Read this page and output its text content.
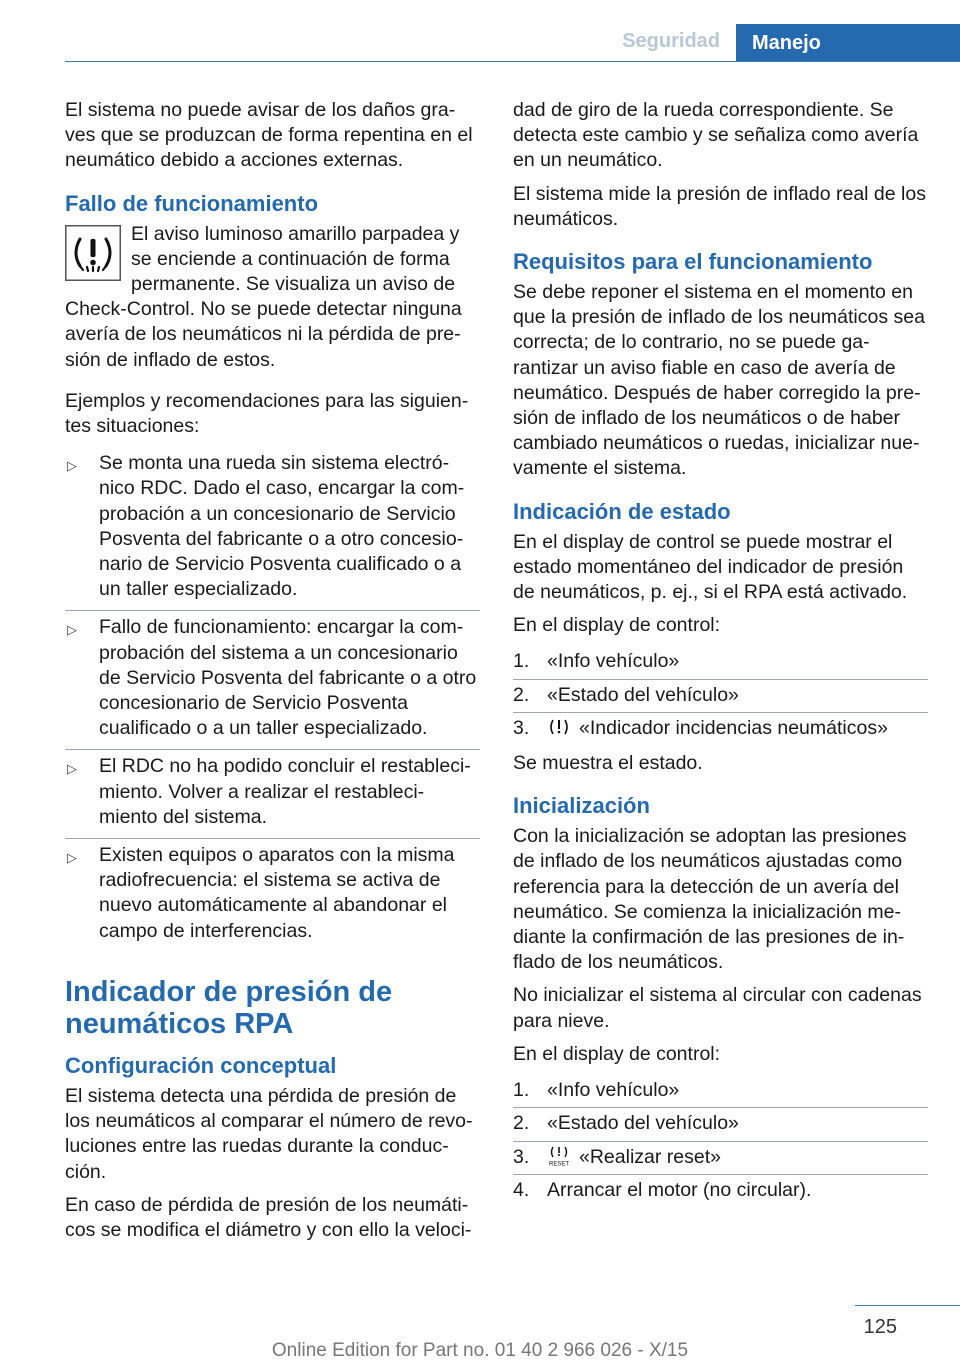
Seguridad	Manejo

El sistema no puede avisar de los daños gra- ves que se produzcan de forma repentina en el neumático debido a acciones externas.

Fallo de funcionamiento

El aviso luminoso amarillo parpadea y se enciende a continuación de forma permanente. Se visualiza un aviso de Check-Control. No se puede detectar ninguna avería de los neumáticos ni la pérdida de pre- sión de inflado de estos.

Ejemplos y recomendaciones para las siguien- tes situaciones:

▷ Se monta una rueda sin sistema electró- nico RDC. Dado el caso, encargar la com- probación a un concesionario de Servicio Posventa del fabricante o a otro concesio- nario de Servicio Posventa cualificado o a un taller especializado.
▷ Fallo de funcionamiento: encargar la com- probación del sistema a un concesionario de Servicio Posventa del fabricante o a otro concesionario de Servicio Posventa cualificado o a un taller especializado.
▷ El RDC no ha podido concluir el restableci- miento. Volver a realizar el restableci- miento del sistema.
▷ Existen equipos o aparatos con la misma radiofrecuencia: el sistema se activa de nuevo automáticamente al abandonar el campo de interferencias.
Indicador de presión de neumáticos RPA
Configuración conceptual

El sistema detecta una pérdida de presión de los neumáticos al comparar el número de revo- luciones entre las ruedas durante la conduc- ción.

En caso de pérdida de presión de los neumáti- cos se modifica el diámetro y con ello la veloci-

dad de giro de la rueda correspondiente. Se detecta este cambio y se señaliza como avería en un neumático.

El sistema mide la presión de inflado real de los neumáticos.

Requisitos para el funcionamiento

Se debe reponer el sistema en el momento en que la presión de inflado de los neumáticos sea correcta; de lo contrario, no se puede ga- rantizar un aviso fiable en caso de avería de neumático. Después de haber corregido la pre- sión de inflado de los neumáticos o de haber cambiado neumáticos o ruedas, inicializar nue- vamente el sistema.

Indicación de estado

En el display de control se puede mostrar el estado momentáneo del indicador de presión de neumáticos, p. ej., si el RPA está activado.

En el display de control:

1. «Info vehículo»
2. «Estado del vehículo»
3.	«Indicador incidencias neumáticos»

Se muestra el estado.

Inicialización

Con la inicialización se adoptan las presiones de inflado de los neumáticos ajustadas como referencia para la detección de un avería del neumático. Se comienza la inicialización me- diante la confirmación de las presiones de in- flado de los neumáticos.

No inicializar el sistema al circular con cadenas para nieve.

En el display de control:

1. «Info vehículo»
2. «Estado del vehículo»
3.	RESET «Realizar reset»
4. Arrancar el motor (no circular).
125
Online Edition for Part no. 01 40 2 966 026 - X/15
